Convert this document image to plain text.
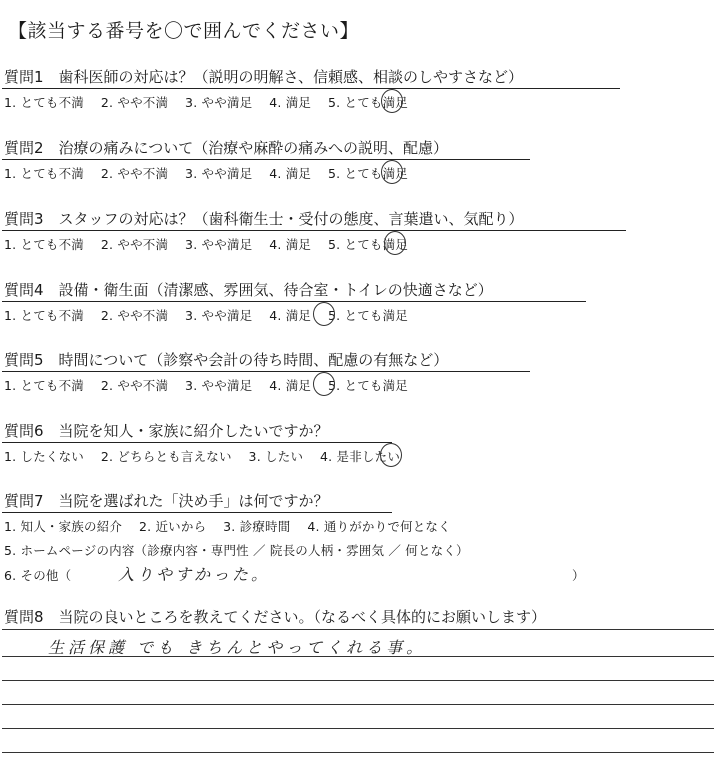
【該当する番号を〇で囲んでください】
質問1　歯科医師の対応は？（説明の明解さ、信頼感、相談のしやすさなど）
1. とても不満　 2. やや不満　 3. やや満足　 4. 満足　 5. とても満足
質問2　治療の痛みについて（治療や麻酔の痛みへの説明、配慮）
1. とても不満　 2. やや不満　 3. やや満足　 4. 満足　 5. とても満足
質問3　スタッフの対応は？（歯科衛生士・受付の態度、言葉遣い、気配り）
1. とても不満　 2. やや不満　 3. やや満足　 4. 満足　 5. とても満足
質問4　設備・衛生面（清潔感、雰囲気、待合室・トイレの快適さなど）
1. とても不満　 2. やや不満　 3. やや満足　 4. 満足　 5. とても満足
質問5　時間について（診察や会計の待ち時間、配慮の有無など）
1. とても不満　 2. やや不満　 3. やや満足　 4. 満足　 5. とても満足
質問6　当院を知人・家族に紹介したいですか？
1. したくない　 2. どちらとも言えない　 3. したい　 4. 是非したい
質問7　当院を選ばれた「決め手」は何ですか？
1. 知人・家族の紹介　 2. 近いから　 3. 診療時間　 4. 通りがかりで何となく
5. ホームページの内容（診療内容・専門性 ／ 院長の人柄・雰囲気 ／ 何となく）
6. その他（	入りやすかった。	）
質問8　当院の良いところを教えてください。（なるべく具体的にお願いします）
生活保護 でも きちんとやってくれる事。
